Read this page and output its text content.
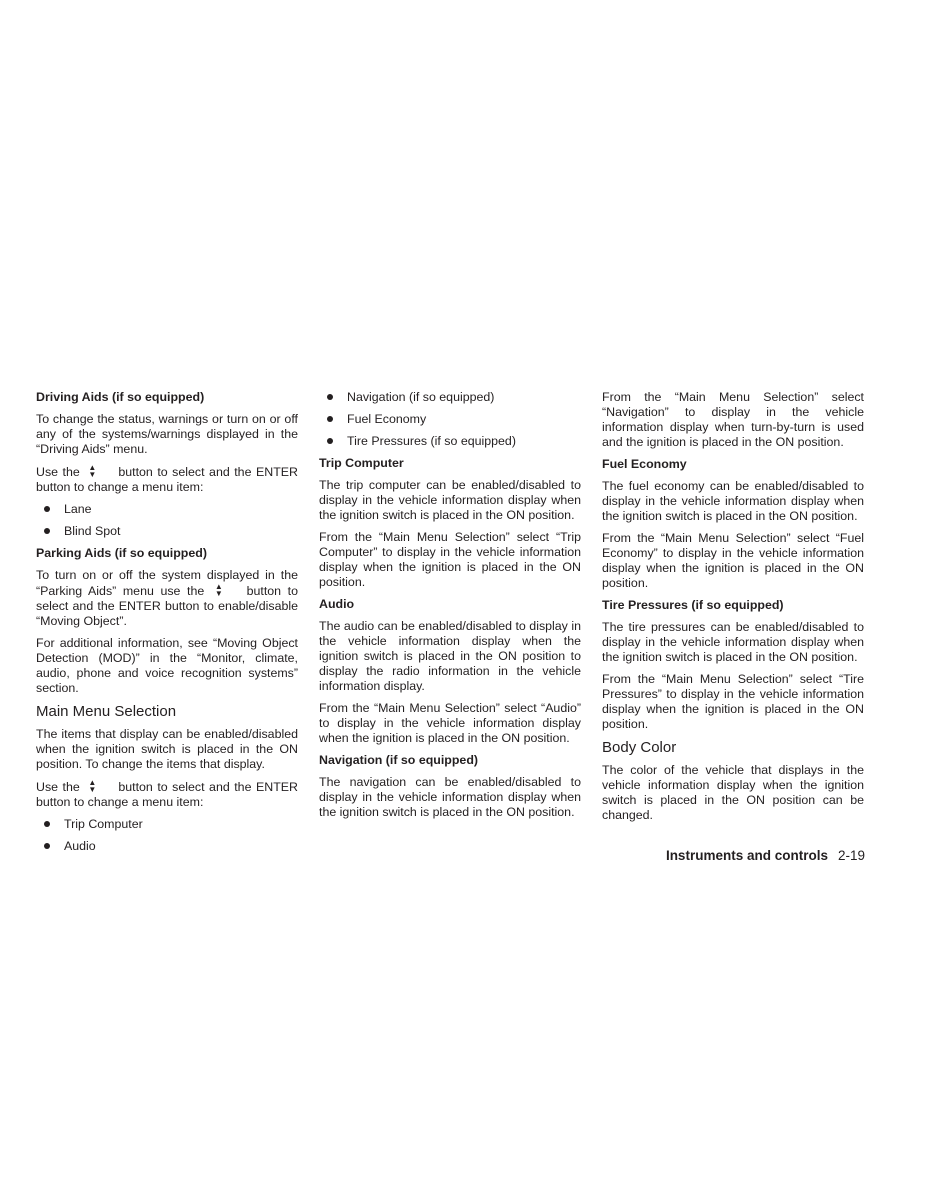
Driving Aids (if so equipped)
To change the status, warnings or turn on or off any of the systems/warnings displayed in the “Driving Aids” menu.
Use the ▲
▼ button to select and the ENTER button to change a menu item:
Lane
Blind Spot
Parking Aids (if so equipped)
To turn on or off the system displayed in the “Parking Aids” menu use the ▲
▼ button to select and the ENTER button to enable/disable “Moving Object”.
For additional information, see “Moving Object Detection (MOD)” in the “Monitor, climate, audio, phone and voice recognition systems” section.
Main Menu Selection
The items that display can be enabled/disabled when the ignition switch is placed in the ON position. To change the items that display.
Use the ▲
▼ button to select and the ENTER button to change a menu item:
Trip Computer
Audio
Navigation (if so equipped)
Fuel Economy
Tire Pressures (if so equipped)
Trip Computer
The trip computer can be enabled/disabled to display in the vehicle information display when the ignition switch is placed in the ON position.
From the “Main Menu Selection” select “Trip Computer” to display in the vehicle information display when the ignition is placed in the ON position.
Audio
The audio can be enabled/disabled to display in the vehicle information display when the ignition switch is placed in the ON position to display the radio information in the vehicle information display.
From the “Main Menu Selection” select “Audio” to display in the vehicle information display when the ignition is placed in the ON position.
Navigation (if so equipped)
The navigation can be enabled/disabled to display in the vehicle information display when the ignition switch is placed in the ON position.
From the “Main Menu Selection” select “Navigation” to display in the vehicle information display when turn-by-turn is used and the ignition is placed in the ON position.
Fuel Economy
The fuel economy can be enabled/disabled to display in the vehicle information display when the ignition switch is placed in the ON position.
From the “Main Menu Selection” select “Fuel Economy” to display in the vehicle information display when the ignition is placed in the ON position.
Tire Pressures (if so equipped)
The tire pressures can be enabled/disabled to display in the vehicle information display when the ignition switch is placed in the ON position.
From the “Main Menu Selection” select “Tire Pressures” to display in the vehicle information display when the ignition is placed in the ON position.
Body Color
The color of the vehicle that displays in the vehicle information display when the ignition switch is placed in the ON position can be changed.
Instruments and controls 2-19
